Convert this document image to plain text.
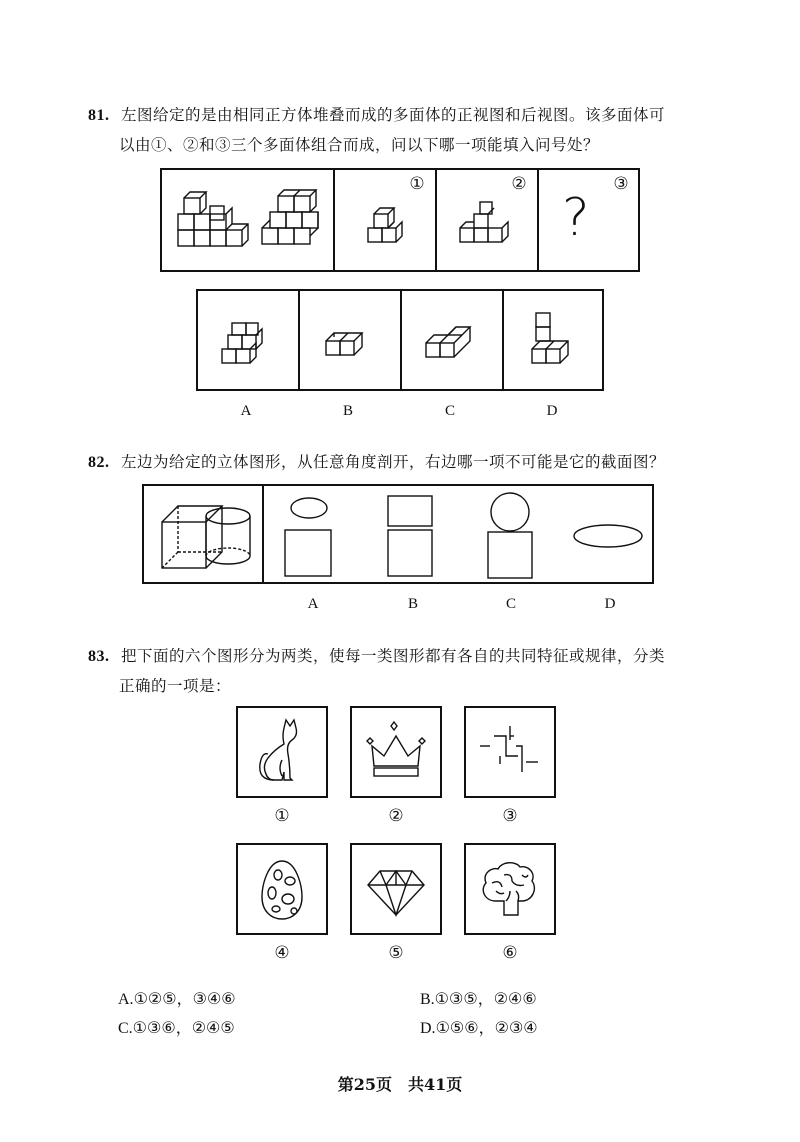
81. 左图给定的是由相同正方体堆叠而成的多面体的正视图和后视图。该多面体可
以由①、②和③三个多面体组合而成，问以下哪一项能填入问号处？
①	②	③
?
A	B	C	D
82. 左边为给定的立体图形，从任意角度剖开，右边哪一项不可能是它的截面图？
A	B	C	D
83. 把下面的六个图形分为两类，使每一类图形都有各自的共同特征或规律，分类
正确的一项是：
①	②	③
④	⑤	⑥
A.①②⑤，③④⑥	B.①③⑤，②④⑥
C.①③⑥，②④⑤	D.①⑤⑥，②③④
第25页　共41页
